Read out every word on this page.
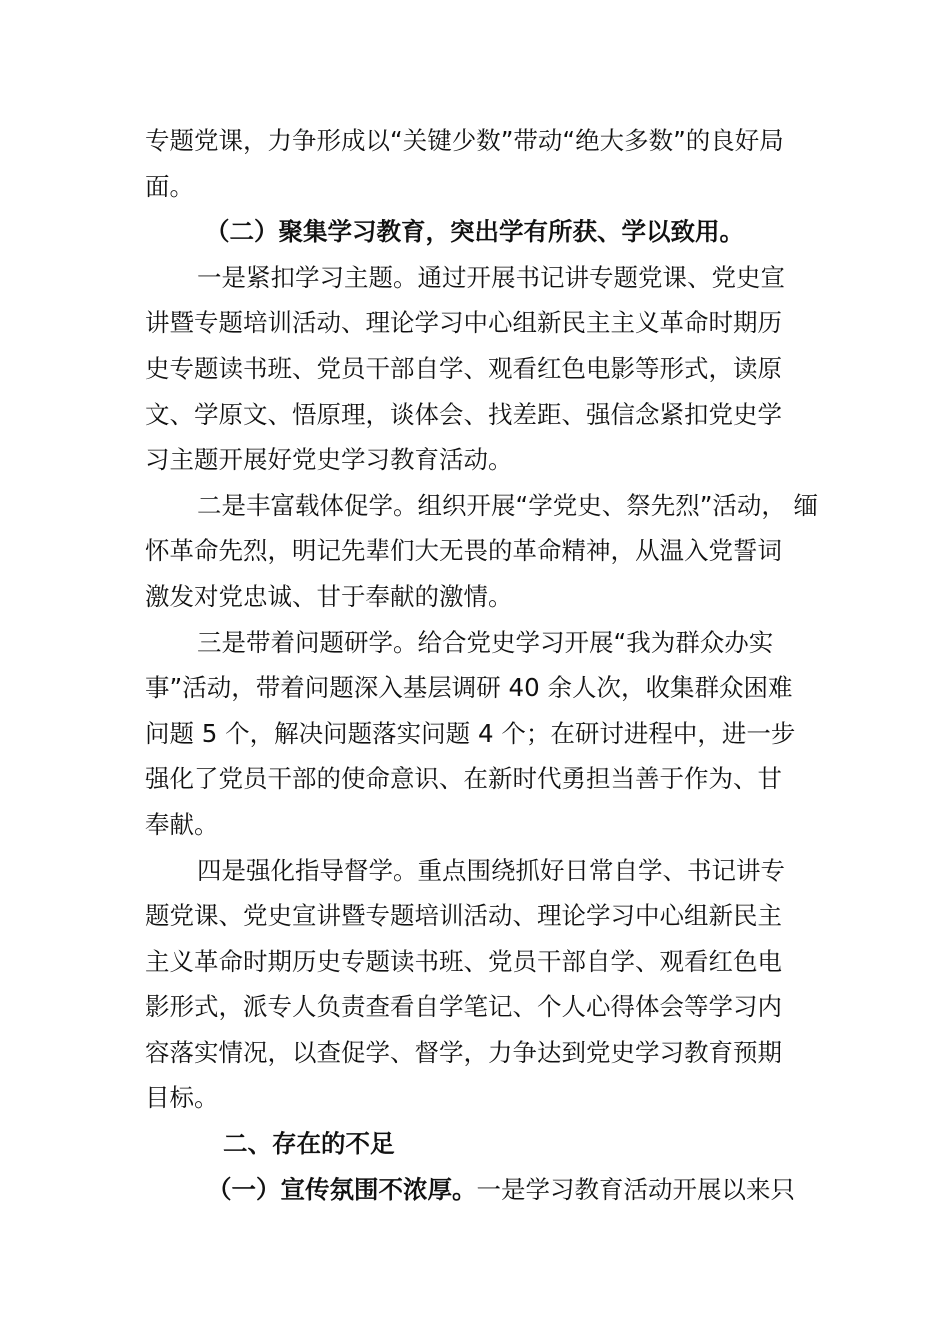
专题党课，力争形成以“关键少数”带动“绝大多数”的良好局

面。

（二）聚集学习教育，突出学有所获、学以致用。

一是紧扣学习主题。通过开展书记讲专题党课、党史宣

讲暨专题培训活动、理论学习中心组新民主主义革命时期历

史专题读书班、党员干部自学、观看红色电影等形式，读原

文、学原文、悟原理，谈体会、找差距、强信念紧扣党史学

习主题开展好党史学习教育活动。

二是丰富载体促学。组织开展“学党史、祭先烈”活动， 缅

怀革命先烈，明记先辈们大无畏的革命精神，从温入党誓词

激发对党忠诚、甘于奉献的激情。

三是带着问题研学。给合党史学习开展“我为群众办实

事”活动，带着问题深入基层调研 40 余人次，收集群众困难

问题 5 个，解决问题落实问题 4 个；在研讨进程中，进一步

强化了党员干部的使命意识、在新时代勇担当善于作为、甘

奉献。

四是强化指导督学。重点围绕抓好日常自学、书记讲专

题党课、党史宣讲暨专题培训活动、理论学习中心组新民主

主义革命时期历史专题读书班、党员干部自学、观看红色电

影形式，派专人负责查看自学笔记、个人心得体会等学习内

容落实情况，以查促学、督学，力争达到党史学习教育预期

目标。

二、存在的不足

（一）宣传氛围不浓厚。一是学习教育活动开展以来只
